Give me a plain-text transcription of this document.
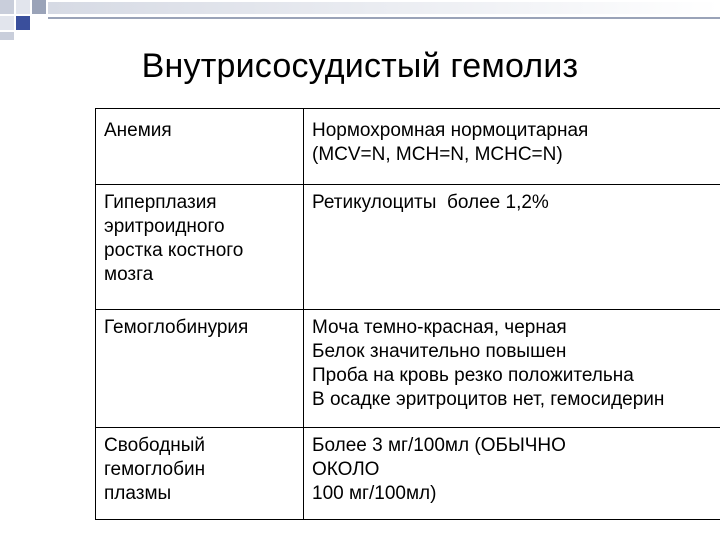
Внутрисосудистый гемолиз
Анемия	Нормохромная нормоцитарная
(MCV=N, MCH=N, MCHC=N)

Гиперплазия
эритроидного
ростка костного
мозга	Ретикулоциты  более 1,2%

Гемоглобинурия	Моча темно-красная, черная
Белок значительно повышен
Проба на кровь резко положительна
В осадке эритроцитов нет, гемосидерин

Свободный
гемоглобин
плазмы	Более 3 мг/100мл (ОБЫЧНО
ОКОЛО
100 мг/100мл)
